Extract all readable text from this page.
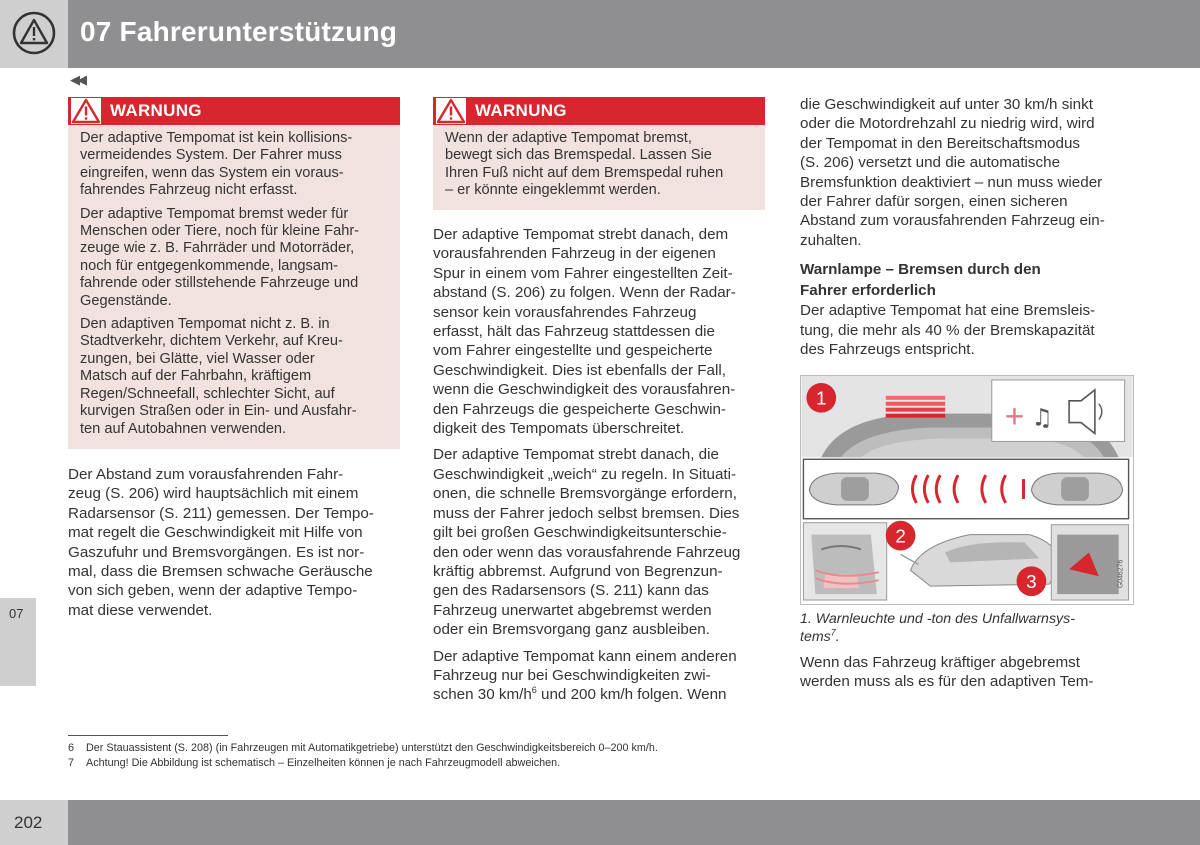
07 Fahrerunterstützung
◀◀
07
WARNUNG

Der adaptive Tempomat ist kein kollisions-
vermeidendes System. Der Fahrer muss
eingreifen, wenn das System ein voraus-
fahrendes Fahrzeug nicht erfasst.

Der adaptive Tempomat bremst weder für
Menschen oder Tiere, noch für kleine Fahr-
zeuge wie z. B. Fahrräder und Motorräder,
noch für entgegenkommende, langsam-
fahrende oder stillstehende Fahrzeuge und
Gegenstände.

Den adaptiven Tempomat nicht z. B. in
Stadtverkehr, dichtem Verkehr, auf Kreu-
zungen, bei Glätte, viel Wasser oder
Matsch auf der Fahrbahn, kräftigem
Regen/Schneefall, schlechter Sicht, auf
kurvigen Straßen oder in Ein- und Ausfahr-
ten auf Autobahnen verwenden.

Der Abstand zum vorausfahrenden Fahr-
zeug (S. 206) wird hauptsächlich mit einem
Radarsensor (S. 211) gemessen. Der Tempo-
mat regelt die Geschwindigkeit mit Hilfe von
Gaszufuhr und Bremsvorgängen. Es ist nor-
mal, dass die Bremsen schwache Geräusche
von sich geben, wenn der adaptive Tempo-
mat diese verwendet.

WARNUNG

Wenn der adaptive Tempomat bremst,
bewegt sich das Bremspedal. Lassen Sie
Ihren Fuß nicht auf dem Bremspedal ruhen
– er könnte eingeklemmt werden.

Der adaptive Tempomat strebt danach, dem
vorausfahrenden Fahrzeug in der eigenen
Spur in einem vom Fahrer eingestellten Zeit-
abstand (S. 206) zu folgen. Wenn der Radar-
sensor kein vorausfahrendes Fahrzeug
erfasst, hält das Fahrzeug stattdessen die
vom Fahrer eingestellte und gespeicherte
Geschwindigkeit. Dies ist ebenfalls der Fall,
wenn die Geschwindigkeit des vorausfahren-
den Fahrzeugs die gespeicherte Geschwin-
digkeit des Tempomats überschreitet.

Der adaptive Tempomat strebt danach, die
Geschwindigkeit „weich“ zu regeln. In Situati-
onen, die schnelle Bremsvorgänge erfordern,
muss der Fahrer jedoch selbst bremsen. Dies
gilt bei großen Geschwindigkeitsunterschie-
den oder wenn das vorausfahrende Fahrzeug
kräftig abbremst. Aufgrund von Begrenzun-
gen des Radarsensors (S. 211) kann das
Fahrzeug unerwartet abgebremst werden
oder ein Bremsvorgang ganz ausbleiben.

Der adaptive Tempomat kann einem anderen
Fahrzeug nur bei Geschwindigkeiten zwi-
schen 30 $km/h^6$ und 200 km/h folgen. Wenn

die Geschwindigkeit auf unter 30 km/h sinkt
oder die Motordrehzahl zu niedrig wird, wird
der Tempomat in den Bereitschaftsmodus
(S. 206) versetzt und die automatische
Bremsfunktion deaktiviert – nun muss wieder
der Fahrer dafür sorgen, einen sicheren
Abstand zum vorausfahrenden Fahrzeug ein-
zuhalten.

Warnlampe – Bremsen durch den
Fahrer erforderlich

Der adaptive Tempomat hat eine Bremsleis-
tung, die mehr als 40 % der Bremskapazität
des Fahrzeugs entspricht.

+ ♫
1
G046276
2
3
1. Warnleuchte und -ton des Unfallwarnsys-
tems$^7$.

Wenn das Fahrzeug kräftiger abgebremst
werden muss als es für den adaptiven Tem-

6 Der Stauassistent (S. 208) (in Fahrzeugen mit Automatikgetriebe) unterstützt den Geschwindigkeitsbereich 0–200 km/h.
7 Achtung! Die Abbildung ist schematisch – Einzelheiten können je nach Fahrzeugmodell abweichen.
202
